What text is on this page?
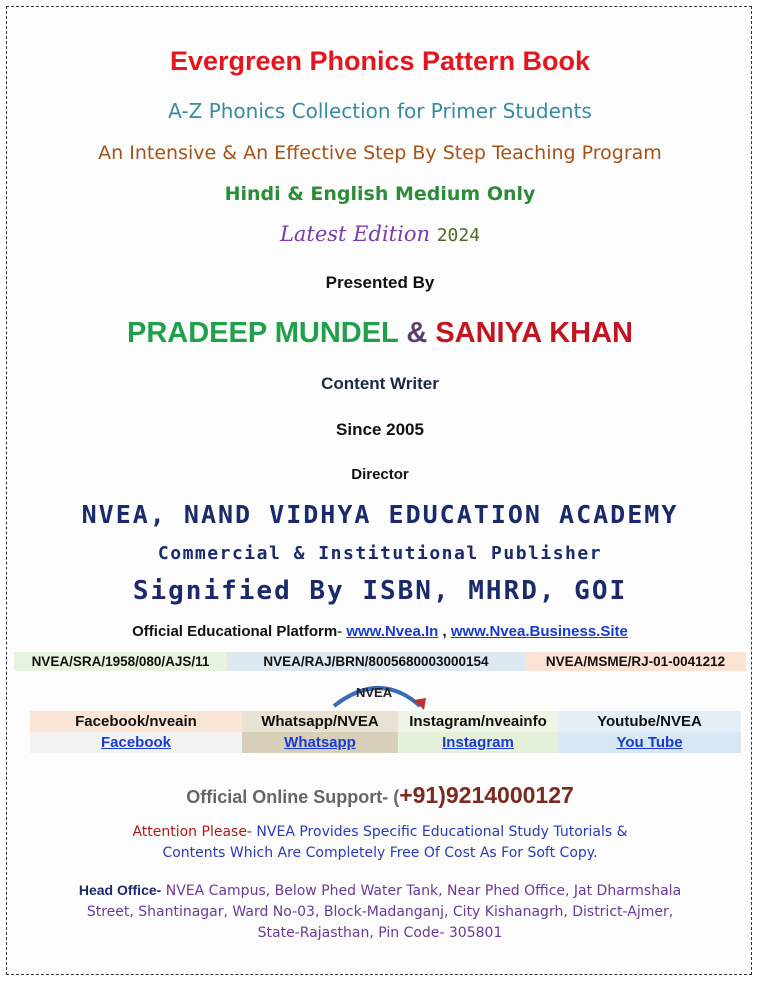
Evergreen Phonics Pattern Book
A-Z Phonics Collection for Primer Students
An Intensive & An Effective Step By Step Teaching Program
Hindi & English Medium Only
Latest Edition 2024
Presented By
PRADEEP MUNDEL & SANIYA KHAN
Content Writer
Since 2005
Director
NVEA, NAND VIDHYA EDUCATION ACADEMY
Commercial & Institutional Publisher
Signified By ISBN, MHRD, GOI
Official Educational Platform- www.Nvea.In , www.Nvea.Business.Site
NVEA/SRA/1958/080/AJS/11	NVEA/RAJ/BRN/8005680003000154	NVEA/MSME/RJ-01-0041212
NVEA
Facebook/nveain	Whatsapp/NVEA	Instagram/nveainfo	Youtube/NVEA
Facebook	Whatsapp	Instagram	You Tube
Official Online Support- (+91)9214000127
Attention Please- NVEA Provides Specific Educational Study Tutorials &
Contents Which Are Completely Free Of Cost As For Soft Copy.
Head Office- NVEA Campus, Below Phed Water Tank, Near Phed Office, Jat Dharmshala
Street, Shantinagar, Ward No-03, Block-Madanganj, City Kishanagrh, District-Ajmer,
State-Rajasthan, Pin Code- 305801
